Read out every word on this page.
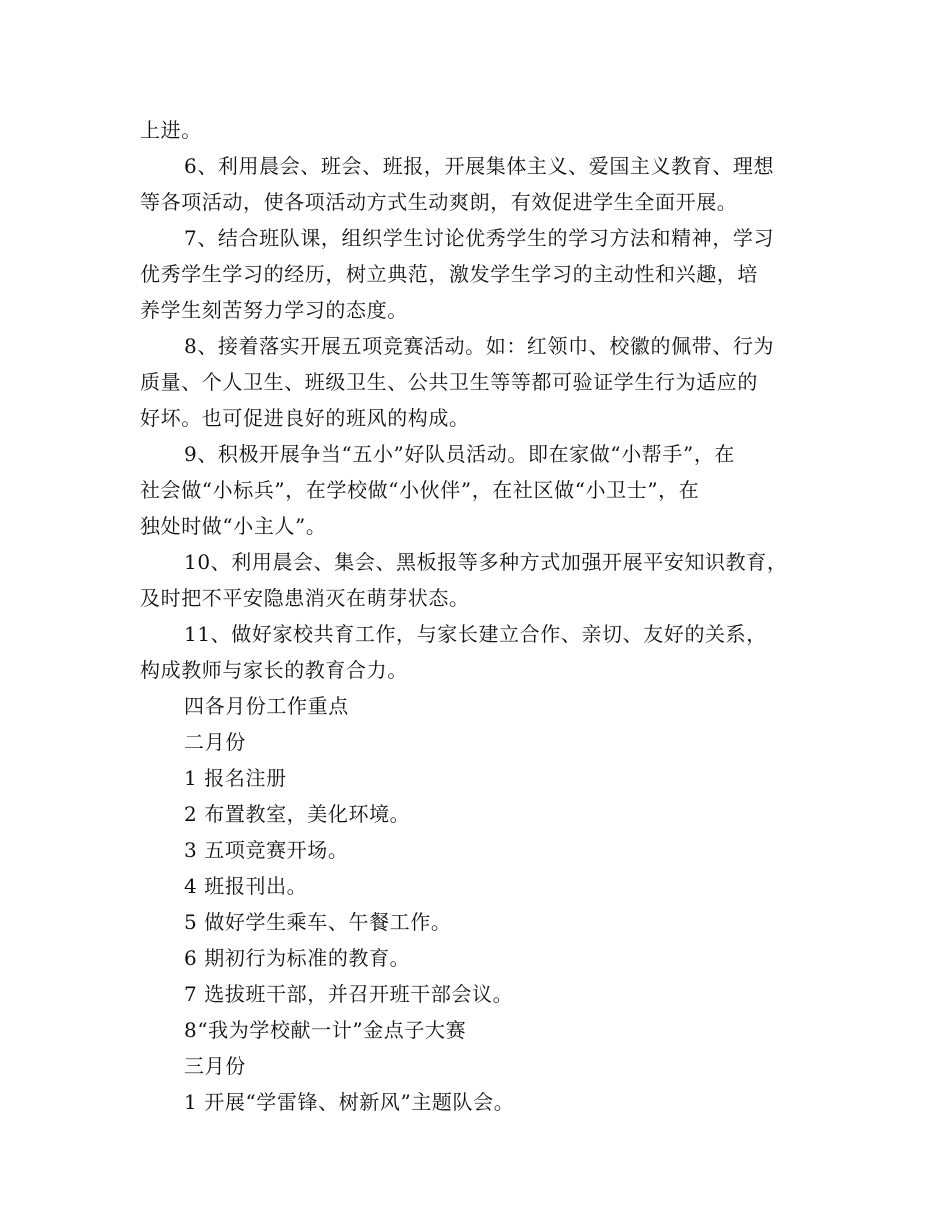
上进。

6、利用晨会、班会、班报，开展集体主义、爱国主义教育、理想
等各项活动，使各项活动方式生动爽朗，有效促进学生全面开展。

7、结合班队课，组织学生讨论优秀学生的学习方法和精神，学习
优秀学生学习的经历，树立典范，激发学生学习的主动性和兴趣，培
养学生刻苦努力学习的态度。

8、接着落实开展五项竞赛活动。如：红领巾、校徽的佩带、行为
质量、个人卫生、班级卫生、公共卫生等等都可验证学生行为适应的
好坏。也可促进良好的班风的构成。

9、积极开展争当“五小”好队员活动。即在家做“小帮手”，在
社会做“小标兵”，在学校做“小伙伴”，在社区做“小卫士”，在
独处时做“小主人”。

10、利用晨会、集会、黑板报等多种方式加强开展平安知识教育，
及时把不平安隐患消灭在萌芽状态。

11、做好家校共育工作，与家长建立合作、亲切、友好的关系，
构成教师与家长的教育合力。

四各月份工作重点

二月份

1 报名注册

2 布置教室，美化环境。

3 五项竞赛开场。

4 班报刊出。

5 做好学生乘车、午餐工作。

6 期初行为标准的教育。

7 选拔班干部，并召开班干部会议。

8“我为学校献一计”金点子大赛

三月份

1 开展“学雷锋、树新风”主题队会。
